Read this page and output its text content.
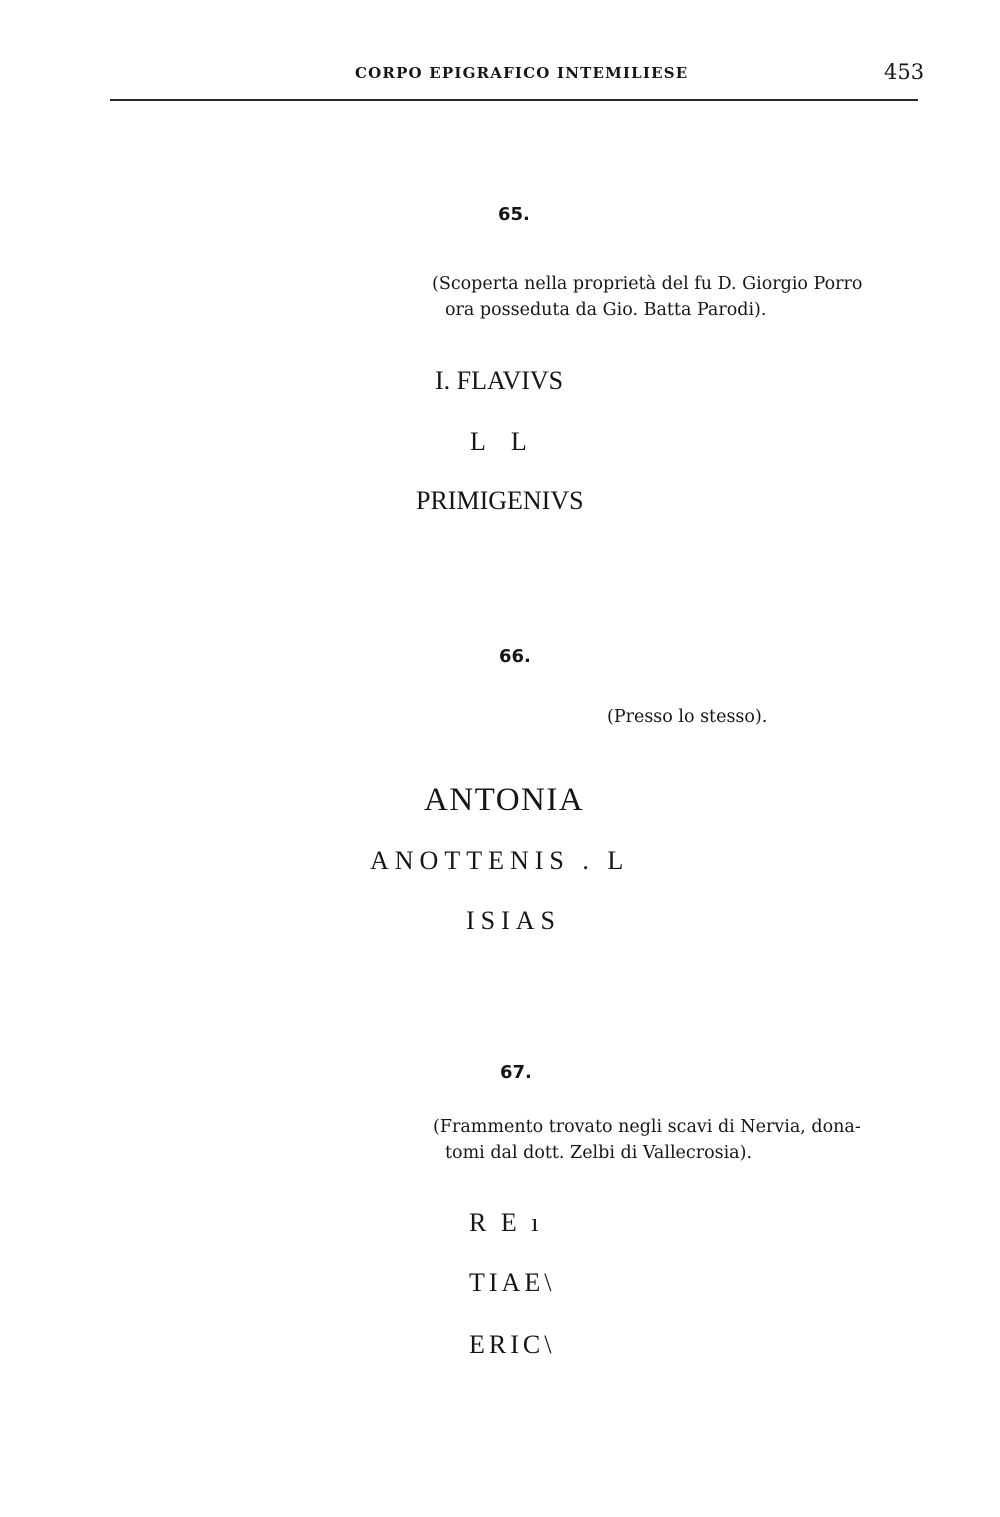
CORPO EPIGRAFICO INTEMILIESE	453
65.
(Scoperta nella proprietà del fu D. Giorgio Porro
ora posseduta da Gio. Batta Parodi).
I. FLAVIVS
L    L
PRIMIGENIVS
66.
(Presso lo stesso).
ANTONIA
ANOTTENIS . L
ISIAS
67.
(Frammento trovato negli scavi di Nervia, dona-
tomi dal dott. Zelbi di Vallecrosia).
R E ı
TIAE\
ERIC\
